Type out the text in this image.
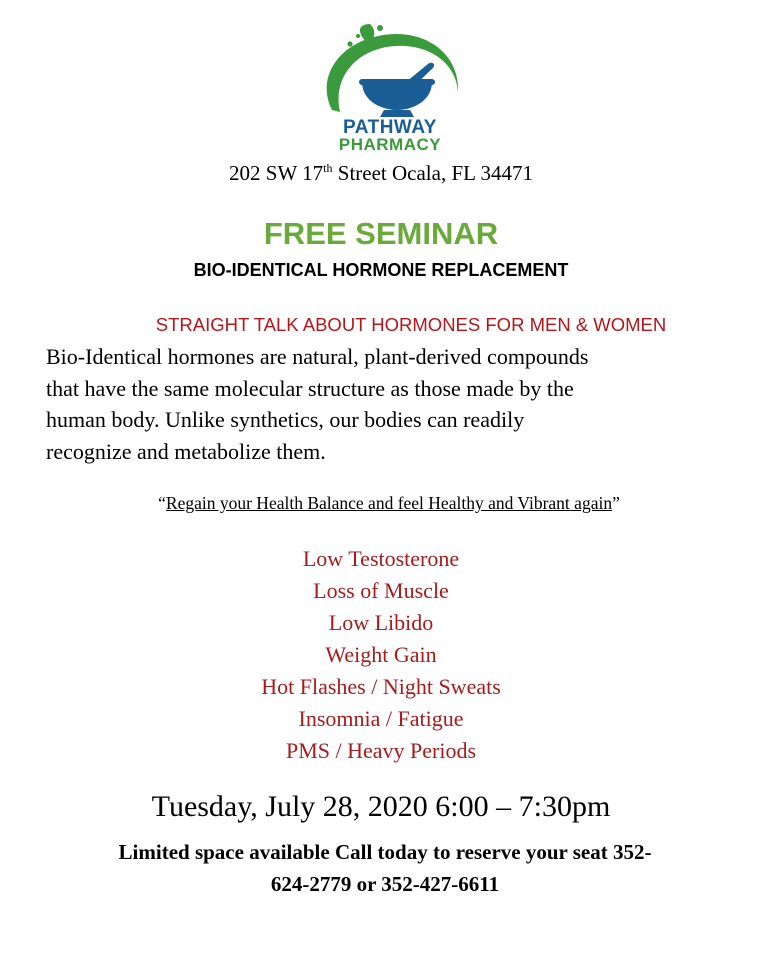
PATHWAY
PHARMACY
202 SW 17th Street Ocala, FL 34471
FREE SEMINAR
BIO-IDENTICAL HORMONE REPLACEMENT
STRAIGHT TALK ABOUT HORMONES FOR MEN & WOMEN
Bio-Identical hormones are natural, plant-derived compounds
that have the same molecular structure as those made by the
human body. Unlike synthetics, our bodies can readily
recognize and metabolize them.
“Regain your Health Balance and feel Healthy and Vibrant again”
Low Testosterone
Loss of Muscle
Low Libido
Weight Gain
Hot Flashes / Night Sweats
Insomnia / Fatigue
PMS / Heavy Periods
Tuesday, July 28, 2020 6:00 – 7:30pm
Limited space available Call today to reserve your seat 352-
624-2779 or 352-427-6611
